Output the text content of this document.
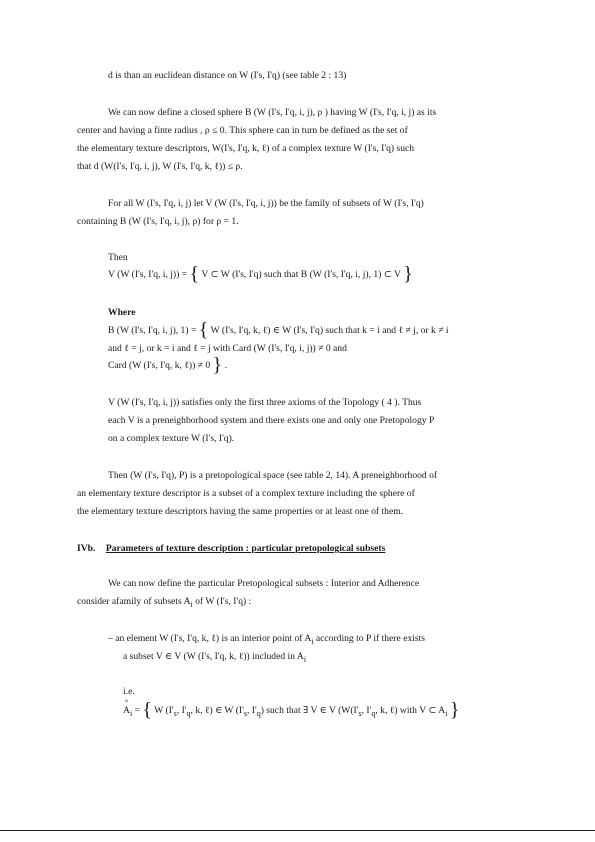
d is than an euclidean distance on W (I's, I'q) (see table 2 : 13)
We can now define a closed sphere B (W (I's, I'q, i, j), ρ ) having W (I's, I'q, i, j) as its
center and having a finte radius , ρ ≤ 0. This sphere can in turn be defined as the set of
the elementary texture descriptors, W(I's, I'q, k, ℓ) of a complex texture W (I's, I'q) such
that d (W(I's, I'q, i, j), W (I's, I'q, k, ℓ)) ≤ ρ.
For all W (I's, I'q, i, j) let V (W (I's, I'q, i, j)) be the family of subsets of W (I's, I'q)
containing B (W (I's, I'q, i, j), ρ) for ρ = 1.
Then
V (W (I's, I'q, i, j)) = { V ⊂ W (I's, I'q) such that B (W (I's, I'q, i, j), 1) ⊂ V }
Where
B (W (I's, I'q, i, j), 1) = { W (I's, I'q, k, ℓ) ∈ W (I's, I'q) such that k = i and ℓ ≠ j, or k ≠ i
and ℓ = j, or k = i and ℓ = j with Card (W (I's, I'q, i, j)) ≠ 0 and
Card (W (I's, I'q, k, ℓ)) ≠ 0 } .
V (W (I's, I'q, i, j)) satisfies only the first three axioms of the Topology ( 4 ). Thus
each V is a preneighborhood system and there exists one and only one Pretopology P
on a complex texture W (I's, I'q).
Then (W (I's, I'q), P) is a pretopological space (see table 2, 14). A preneighborhood of
an elementary texture descriptor is a subset of a complex texture including the sphere of
the elementary texture descriptors having the same properties or at least one of them.
IVb. Parameters of texture description : particular pretopological subsets
We can now define the particular Pretopological subsets : Interior and Adherence
consider afamily of subsets $A_i$ of W (I's, I'q) :
– an element W (I's, I'q, k, ℓ) is an interior point of $A_i$ according to P if there exists
a subset V ∈ V (W (I's, I'q, k, ℓ)) included in $A_i$
i.e.
°
$A_i$ = { W ($I'_s$, $I'_q$, k, ℓ) ∈ W ($I'_s$, $I'_q$) such that ∃ V ∈ V ($W(I'_s$, $I'_q$, k, ℓ) with V ⊂ $A_i$ }
